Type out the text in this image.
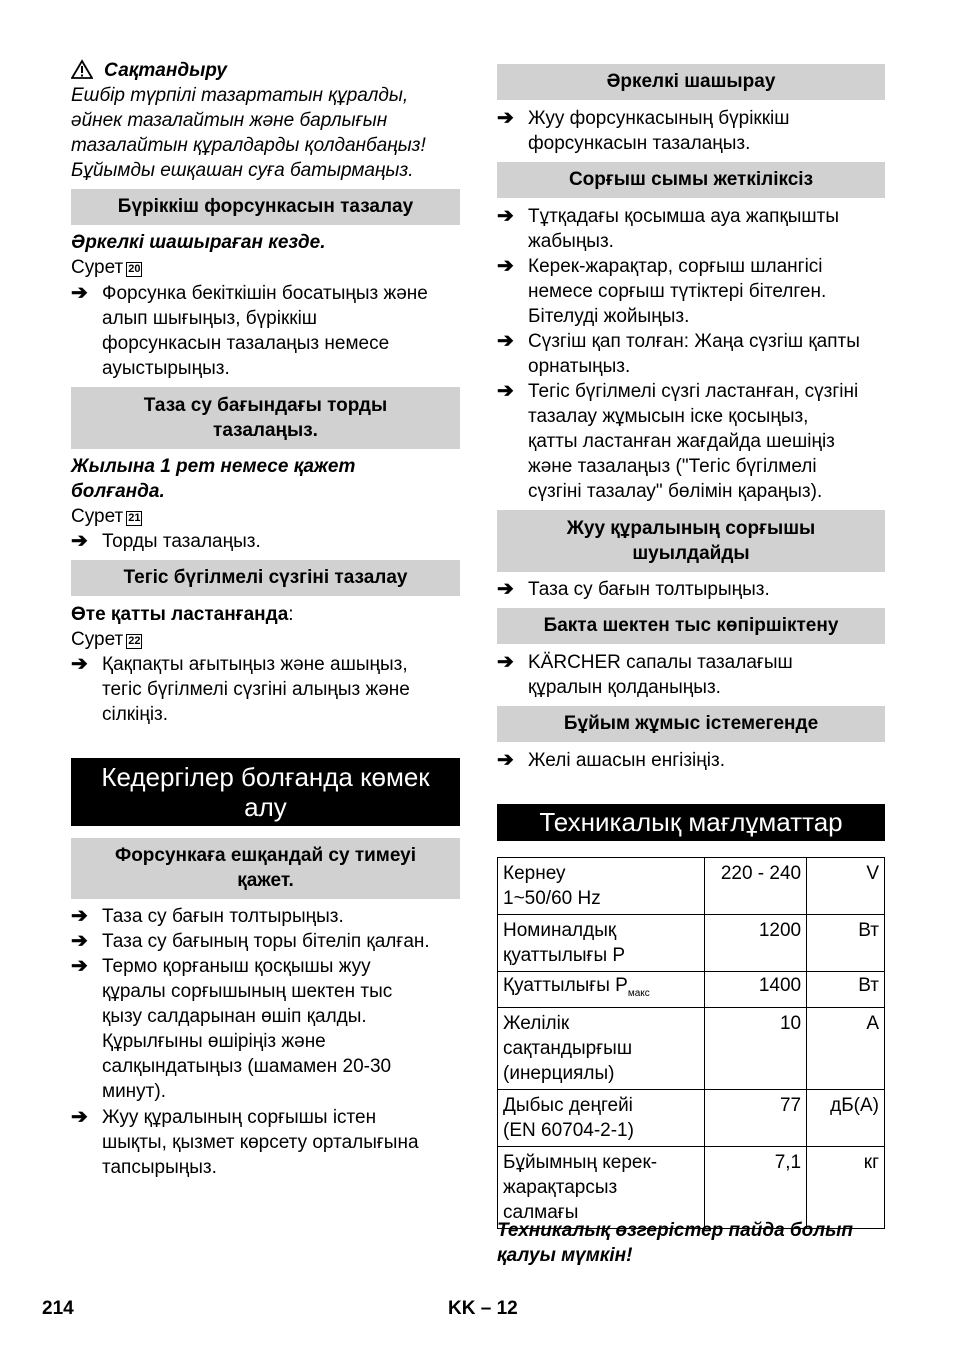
Сақтандыру
Ешбір түрпілі тазартатын құралды,
әйнек тазалайтын және барлығын
тазалайтын құралдарды қолданбаңыз!
Бұйымды ешқашан суға батырмаңыз.
Бүріккіш форсункасын тазалау
Әркелкі шашыраған кезде.
Сурет 20
➔ Форсунка бекіткішін босатыңыз және
алып шығыңыз, бүріккіш
форсункасын тазалаңыз немесе
ауыстырыңыз.
Таза су бағындағы торды
тазалаңыз.
Жылына 1 рет немесе қажет
болғанда.
Сурет 21
➔ Торды тазалаңыз.
Тегіс бүгілмелі сүзгіні тазалау
Өте қатты ластанғанда:
Сурет 22
➔ Қақпақты ағытыңыз және ашыңыз,
тегіс бүгілмелі сүзгіні алыңыз және
сілкіңіз.
Кедергілер болғанда көмек
алу
Форсункаға ешқандай су тимеуі
қажет.
➔ Таза су бағын толтырыңыз.
➔ Таза су бағының торы бітеліп қалған.
➔ Термо қорғаныш қосқышы жуу
құралы сорғышының шектен тыс
қызу салдарынан өшіп қалды.
Құрылғыны өшіріңіз және
салқындатыңыз (шамамен 20-30
минут).
➔ Жуу құралының сорғышы істен
шықты, қызмет көрсету орталығына
тапсырыңыз.
Әркелкі шашырау
➔ Жуу форсункасының бүріккіш
форсункасын тазалаңыз.
Сорғыш сымы жеткіліксіз
➔ Тұтқадағы қосымша ауа жапқышты
жабыңыз.
➔ Керек-жарақтар, сорғыш шлангісі
немесе сорғыш түтіктері бітелген.
Бітелуді жойыңыз.
➔ Сүзгіш қап толған: Жаңа сүзгіш қапты
орнатыңыз.
➔ Тегіс бүгілмелі сүзгі ластанған, сүзгіні
тазалау жұмысын іске қосыңыз,
қатты ластанған жағдайда шешіңіз
және тазалаңыз ("Тегіс бүгілмелі
сүзгіні тазалау" бөлімін қараңыз).
Жуу құралының сорғышы
шуылдайды
➔ Таза су бағын толтырыңыз.
Бакта шектен тыс көпіршіктену
➔ KÄRCHER сапалы тазалағыш
құралын қолданыңыз.
Бұйым жұмыс істемегенде
➔ Желі ашасын енгізіңіз.
Техникалық мағлұматтар
Кернеу
1~50/60 Hz	220 - 240	V

Номиналдық
қуаттылығы P	1200	Вт
Қуаттылығы $P_{макс}$	1400	Вт

Желілік
сақтандырғыш
(инерциялы)	10	A

Дыбыс деңгейі
(EN 60704-2-1)	77	дБ(A)

Бұйымның керек-
жарақтарсыз
салмағы	7,1	кг
Техникалық өзгерістер пайда болып
қалуы мүмкін!
214	KK – 12
